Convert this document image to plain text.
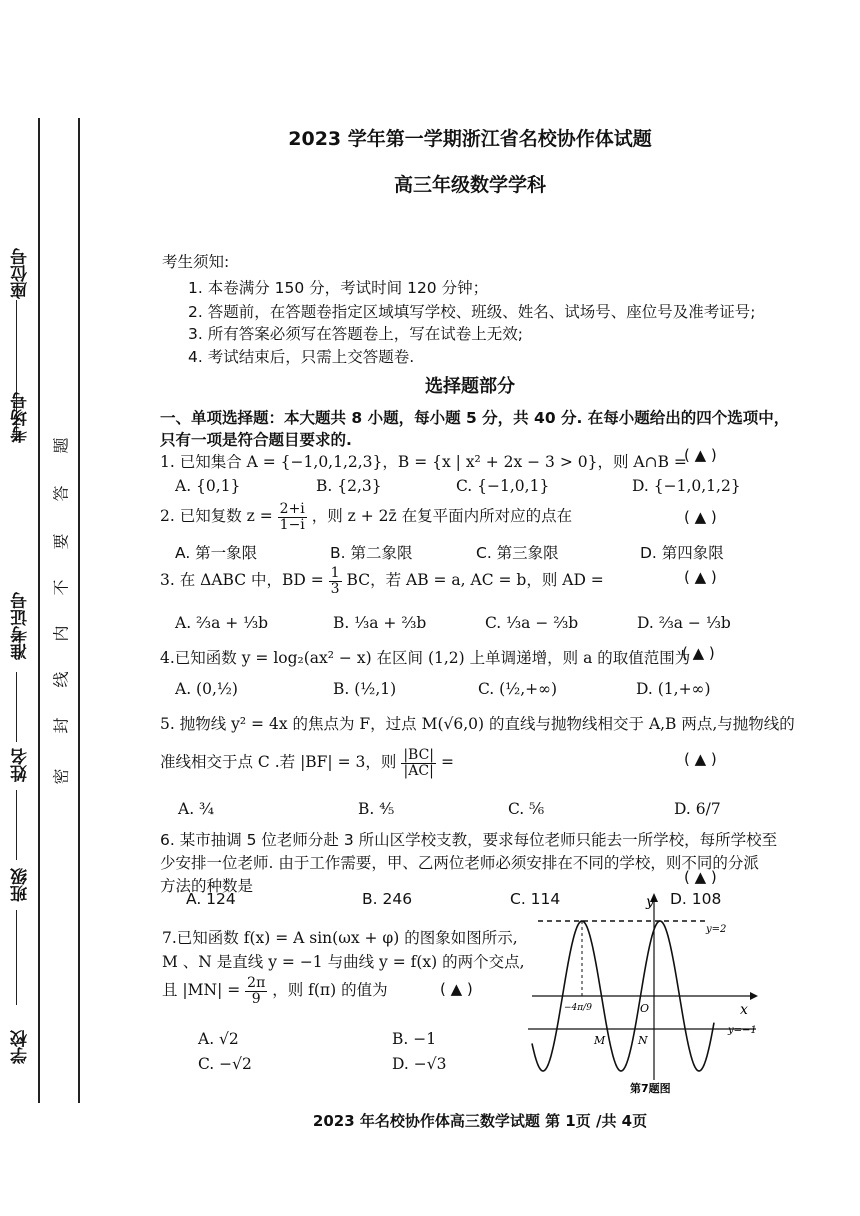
座位号
考场号
准考证号
姓名
班级
学校
密
封
线
内
不
要
答
题
2023 学年第一学期浙江省名校协作体试题
高三年级数学学科
考生须知:
1. 本卷满分 150 分，考试时间 120 分钟；
2. 答题前，在答题卷指定区域填写学校、班级、姓名、试场号、座位号及准考证号;
3. 所有答案必须写在答题卷上，写在试卷上无效;
4. 考试结束后，只需上交答题卷.
选择题部分
一、单项选择题：本大题共 8 小题，每小题 5 分，共 40 分. 在每小题给出的四个选项中，
只有一项是符合题目要求的.
1. 已知集合 A = {−1,0,1,2,3}，B = {x | x² + 2x − 3 > 0}，则 A∩B =
( ▲ )
A. {0,1}	B. {2,3}	C. {−1,0,1}	D. {−1,0,1,2}
2. 已知复数 $z = \frac{2+i}{1-i}$ ，则 z + 2z̄ 在复平面内所对应的点在	( ▲ )
A. 第一象限	B. 第二象限	C. 第三象限	D. 第四象限
3. 在 ΔABC 中，BD = $\frac{1}{3}$ BC，若 AB = a, AC = b，则 AD =	( ▲ )
A. ⅔a + ⅓b	B. ⅓a + ⅔b	C. ⅓a − ⅔b	D. ⅔a − ⅓b
4.已知函数 y = log₂(ax² − x) 在区间 (1,2) 上单调递增，则 a 的取值范围为
( ▲ )
A. (0,½)	B. (½,1)	C. (½,+∞)	D. (1,+∞)
5. 抛物线 y² = 4x 的焦点为 F，过点 M(√6,0) 的直线与抛物线相交于 A,B 两点,与抛物线的
准线相交于点 C .若 |BF| = 3，则 $\frac{|BC|}{|AC|}$ =	( ▲ )
A. ¾	B. ⅘	C. ⅚	D. 6/7
6. 某市抽调 5 位老师分赴 3 所山区学校支教，要求每位老师只能去一所学校，每所学校至
少安排一位老师. 由于工作需要，甲、乙两位老师必须安排在不同的学校，则不同的分派
方法的种数是	( ▲ )
A. 124	B. 246	C. 114	D. 108
7.已知函数 f(x) = A sin(ωx + φ) 的图象如图所示,
M 、N 是直线 y = −1 与曲线 y = f(x) 的两个交点,
且 $|MN| = \frac{2\pi}{9}$ ，则 f(π) 的值为	( ▲ )
A. √2	B. −1
C. −√2	D. −√3
y
x
O
y=2
y=−1
−4π/9
M	N
第7题图
2023 年名校协作体高三数学试题 第 1页 /共 4页
